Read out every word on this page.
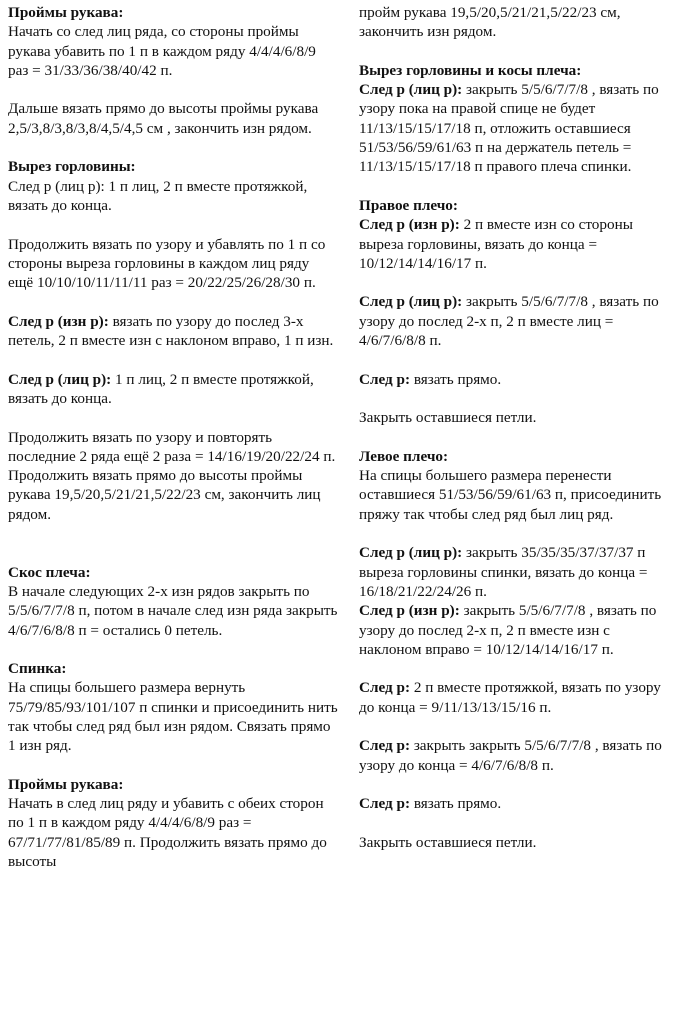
Проймы рукава:
Начать со след лиц ряда, со стороны проймы рукава убавить по 1 п в каждом ряду 4/4/4/6/8/9 раз = 31/33/36/38/40/42 п.
Дальше вязать прямо до высоты проймы рукава 2,5/3,8/3,8/3,8/4,5/4,5 см , закончить изн рядом.
Вырез горловины:
След р (лиц р): 1 п лиц, 2 п вместе протяжкой, вязать до конца.
Продолжить вязать по узору и убавлять по 1 п со стороны выреза горловины в каждом лиц ряду ещё 10/10/10/11/11/11 раз = 20/22/25/26/28/30 п.
След р (изн р): вязать по узору до послед 3-х петель, 2 п вместе изн с наклоном вправо, 1 п изн.
След р (лиц р): 1 п лиц, 2 п вместе протяжкой, вязать до конца.
Продолжить вязать по узору и повторять последние 2 ряда ещё 2 раза = 14/16/19/20/22/24 п. Продолжить вязать прямо до высоты проймы рукава 19,5/20,5/21/21,5/22/23 см, закончить лиц рядом.
Скос плеча:
В начале следующих 2-х изн рядов закрыть по 5/5/6/7/7/8 п, потом в начале след изн ряда закрыть 4/6/7/6/8/8 п = остались 0 петель.
Спинка:
На спицы большего размера вернуть 75/79/85/93/101/107 п спинки и присоединить нить так чтобы след ряд был изн рядом. Связать прямо 1 изн ряд.
Проймы рукава:
Начать в след лиц ряду и убавить с обеих сторон по 1 п в каждом ряду 4/4/4/6/8/9 раз = 67/71/77/81/85/89 п. Продолжить вязать прямо до высоты
пройм рукава 19,5/20,5/21/21,5/22/23 см, закончить изн рядом.
Вырез горловины и косы плеча:
След р (лиц р): закрыть 5/5/6/7/7/8 , вязать по узору пока на правой спице не будет 11/13/15/15/17/18 п, отложить оставшиеся 51/53/56/59/61/63 п на держатель петель = 11/13/15/15/17/18 п правого плеча спинки.
Правое плечо:
След р (изн р): 2 п вместе изн со стороны выреза горловины, вязать до конца = 10/12/14/14/16/17 п.
След р (лиц р): закрыть 5/5/6/7/7/8 , вязать по узору до послед 2-х п, 2 п вместе лиц = 4/6/7/6/8/8 п.
След р: вязать прямо.
Закрыть оставшиеся петли.
Левое плечо:
На спицы большего размера перенести оставшиеся 51/53/56/59/61/63 п, присоединить пряжу так чтобы след ряд был лиц ряд.
След р (лиц р): закрыть 35/35/35/37/37/37 п выреза горловины спинки, вязать до конца = 16/18/21/22/24/26 п.
След р (изн р): закрыть 5/5/6/7/7/8 , вязать по узору до послед 2-х п, 2 п вместе изн с наклоном вправо = 10/12/14/14/16/17 п.
След р: 2 п вместе протяжкой, вязать по узору до конца = 9/11/13/13/15/16 п.
След р: закрыть закрыть 5/5/6/7/7/8 , вязать по узору до конца = 4/6/7/6/8/8 п.
След р: вязать прямо.
Закрыть оставшиеся петли.
